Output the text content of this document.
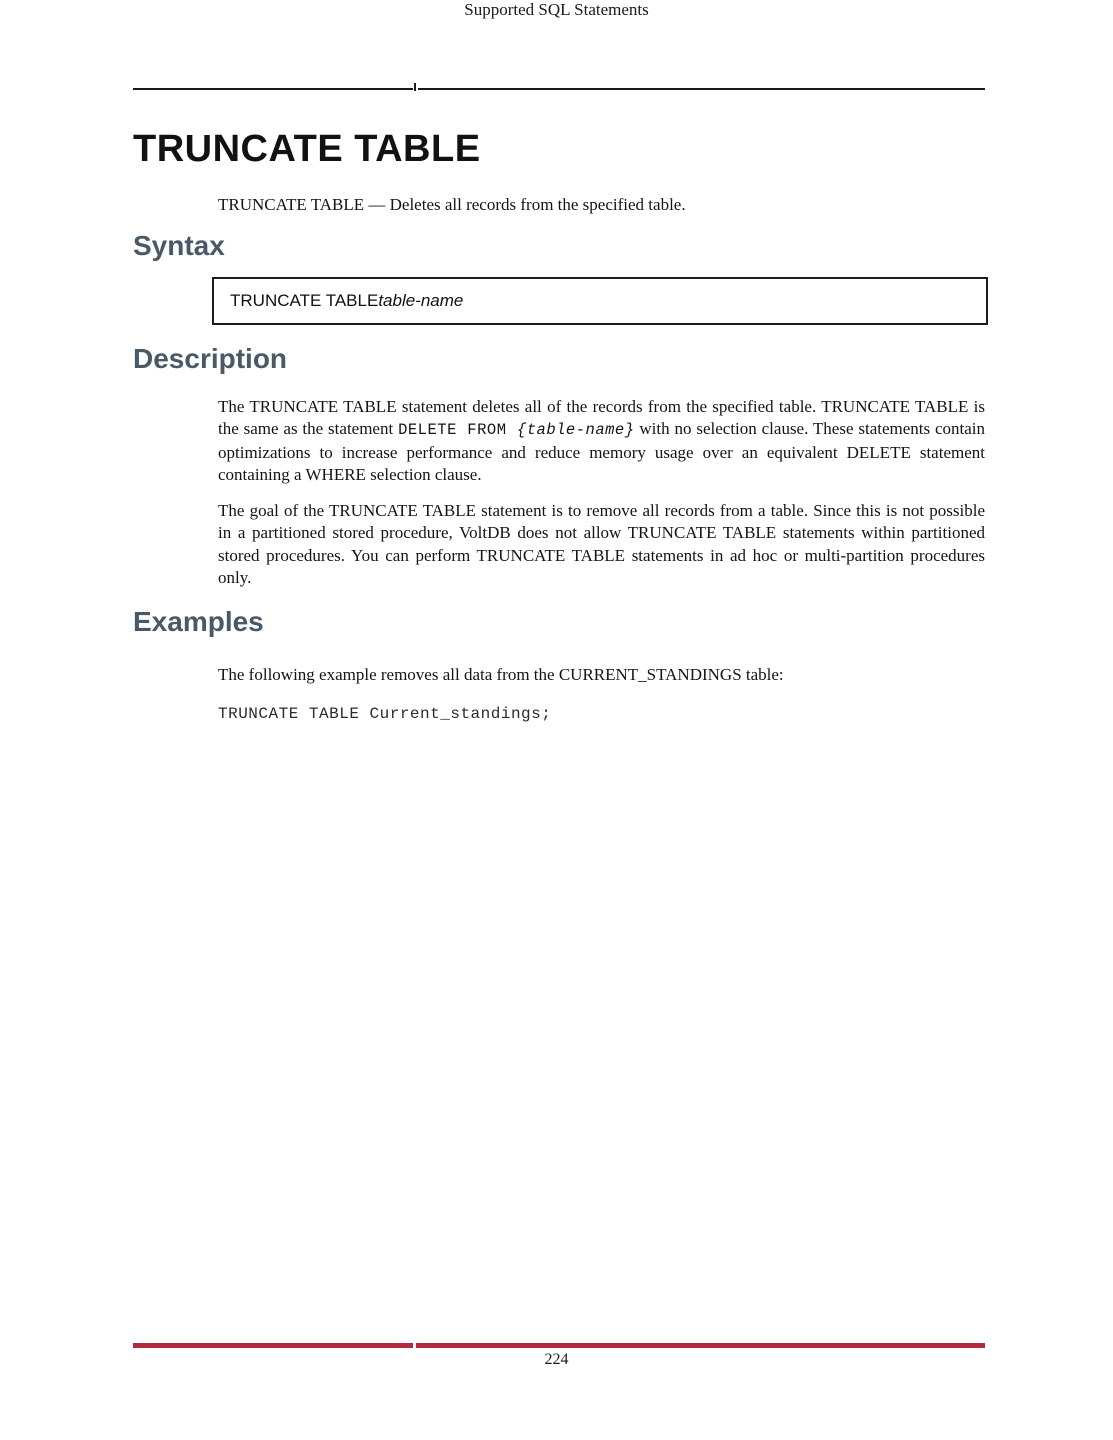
Supported SQL Statements
TRUNCATE TABLE

TRUNCATE TABLE — Deletes all records from the specified table.

Syntax
TRUNCATE TABLE table-name
Description

The TRUNCATE TABLE statement deletes all of the records from the specified table. TRUNCATE TABLE is the same as the statement DELETE FROM {table-name} with no selection clause. These statements contain optimizations to increase performance and reduce memory usage over an equivalent DELETE statement containing a WHERE selection clause.

The goal of the TRUNCATE TABLE statement is to remove all records from a table. Since this is not possible in a partitioned stored procedure, VoltDB does not allow TRUNCATE TABLE statements within partitioned stored procedures. You can perform TRUNCATE TABLE statements in ad hoc or multi-partition procedures only.

Examples

The following example removes all data from the CURRENT_STANDINGS table:

TRUNCATE TABLE Current_standings;
224
